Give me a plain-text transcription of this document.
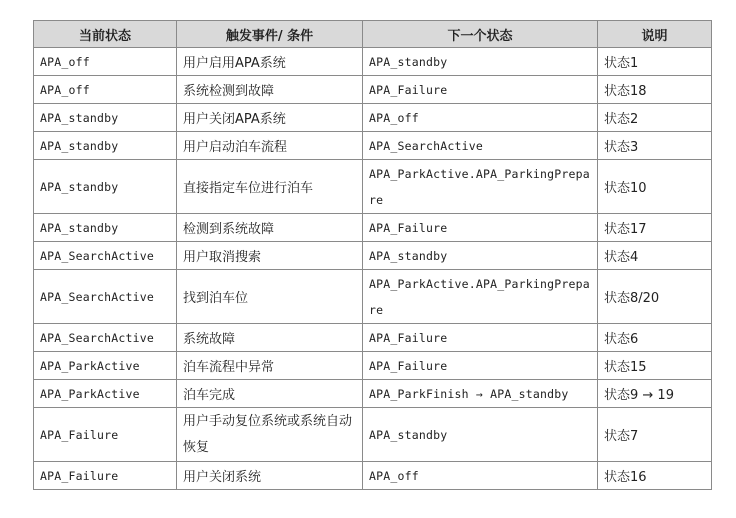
当前状态	触发事件/ 条件	下一个状态	说明
APA_off	用户启用APA系统	APA_standby	状态1
APA_off	系统检测到故障	APA_Failure	状态18
APA_standby	用户关闭APA系统	APA_off	状态2
APA_standby	用户启动泊车流程	APA_SearchActive	状态3
APA_standby	直接指定车位进行泊车	APA_ParkActive.APA_ParkingPrepare	状态10
APA_standby	检测到系统故障	APA_Failure	状态17
APA_SearchActive	用户取消搜索	APA_standby	状态4
APA_SearchActive	找到泊车位	APA_ParkActive.APA_ParkingPrepare	状态8/20
APA_SearchActive	系统故障	APA_Failure	状态6
APA_ParkActive	泊车流程中异常	APA_Failure	状态15
APA_ParkActive	泊车完成	APA_ParkFinish → APA_standby	状态9 → 19
APA_Failure	用户手动复位系统或系统自动恢复	APA_standby	状态7
APA_Failure	用户关闭系统	APA_off	状态16
